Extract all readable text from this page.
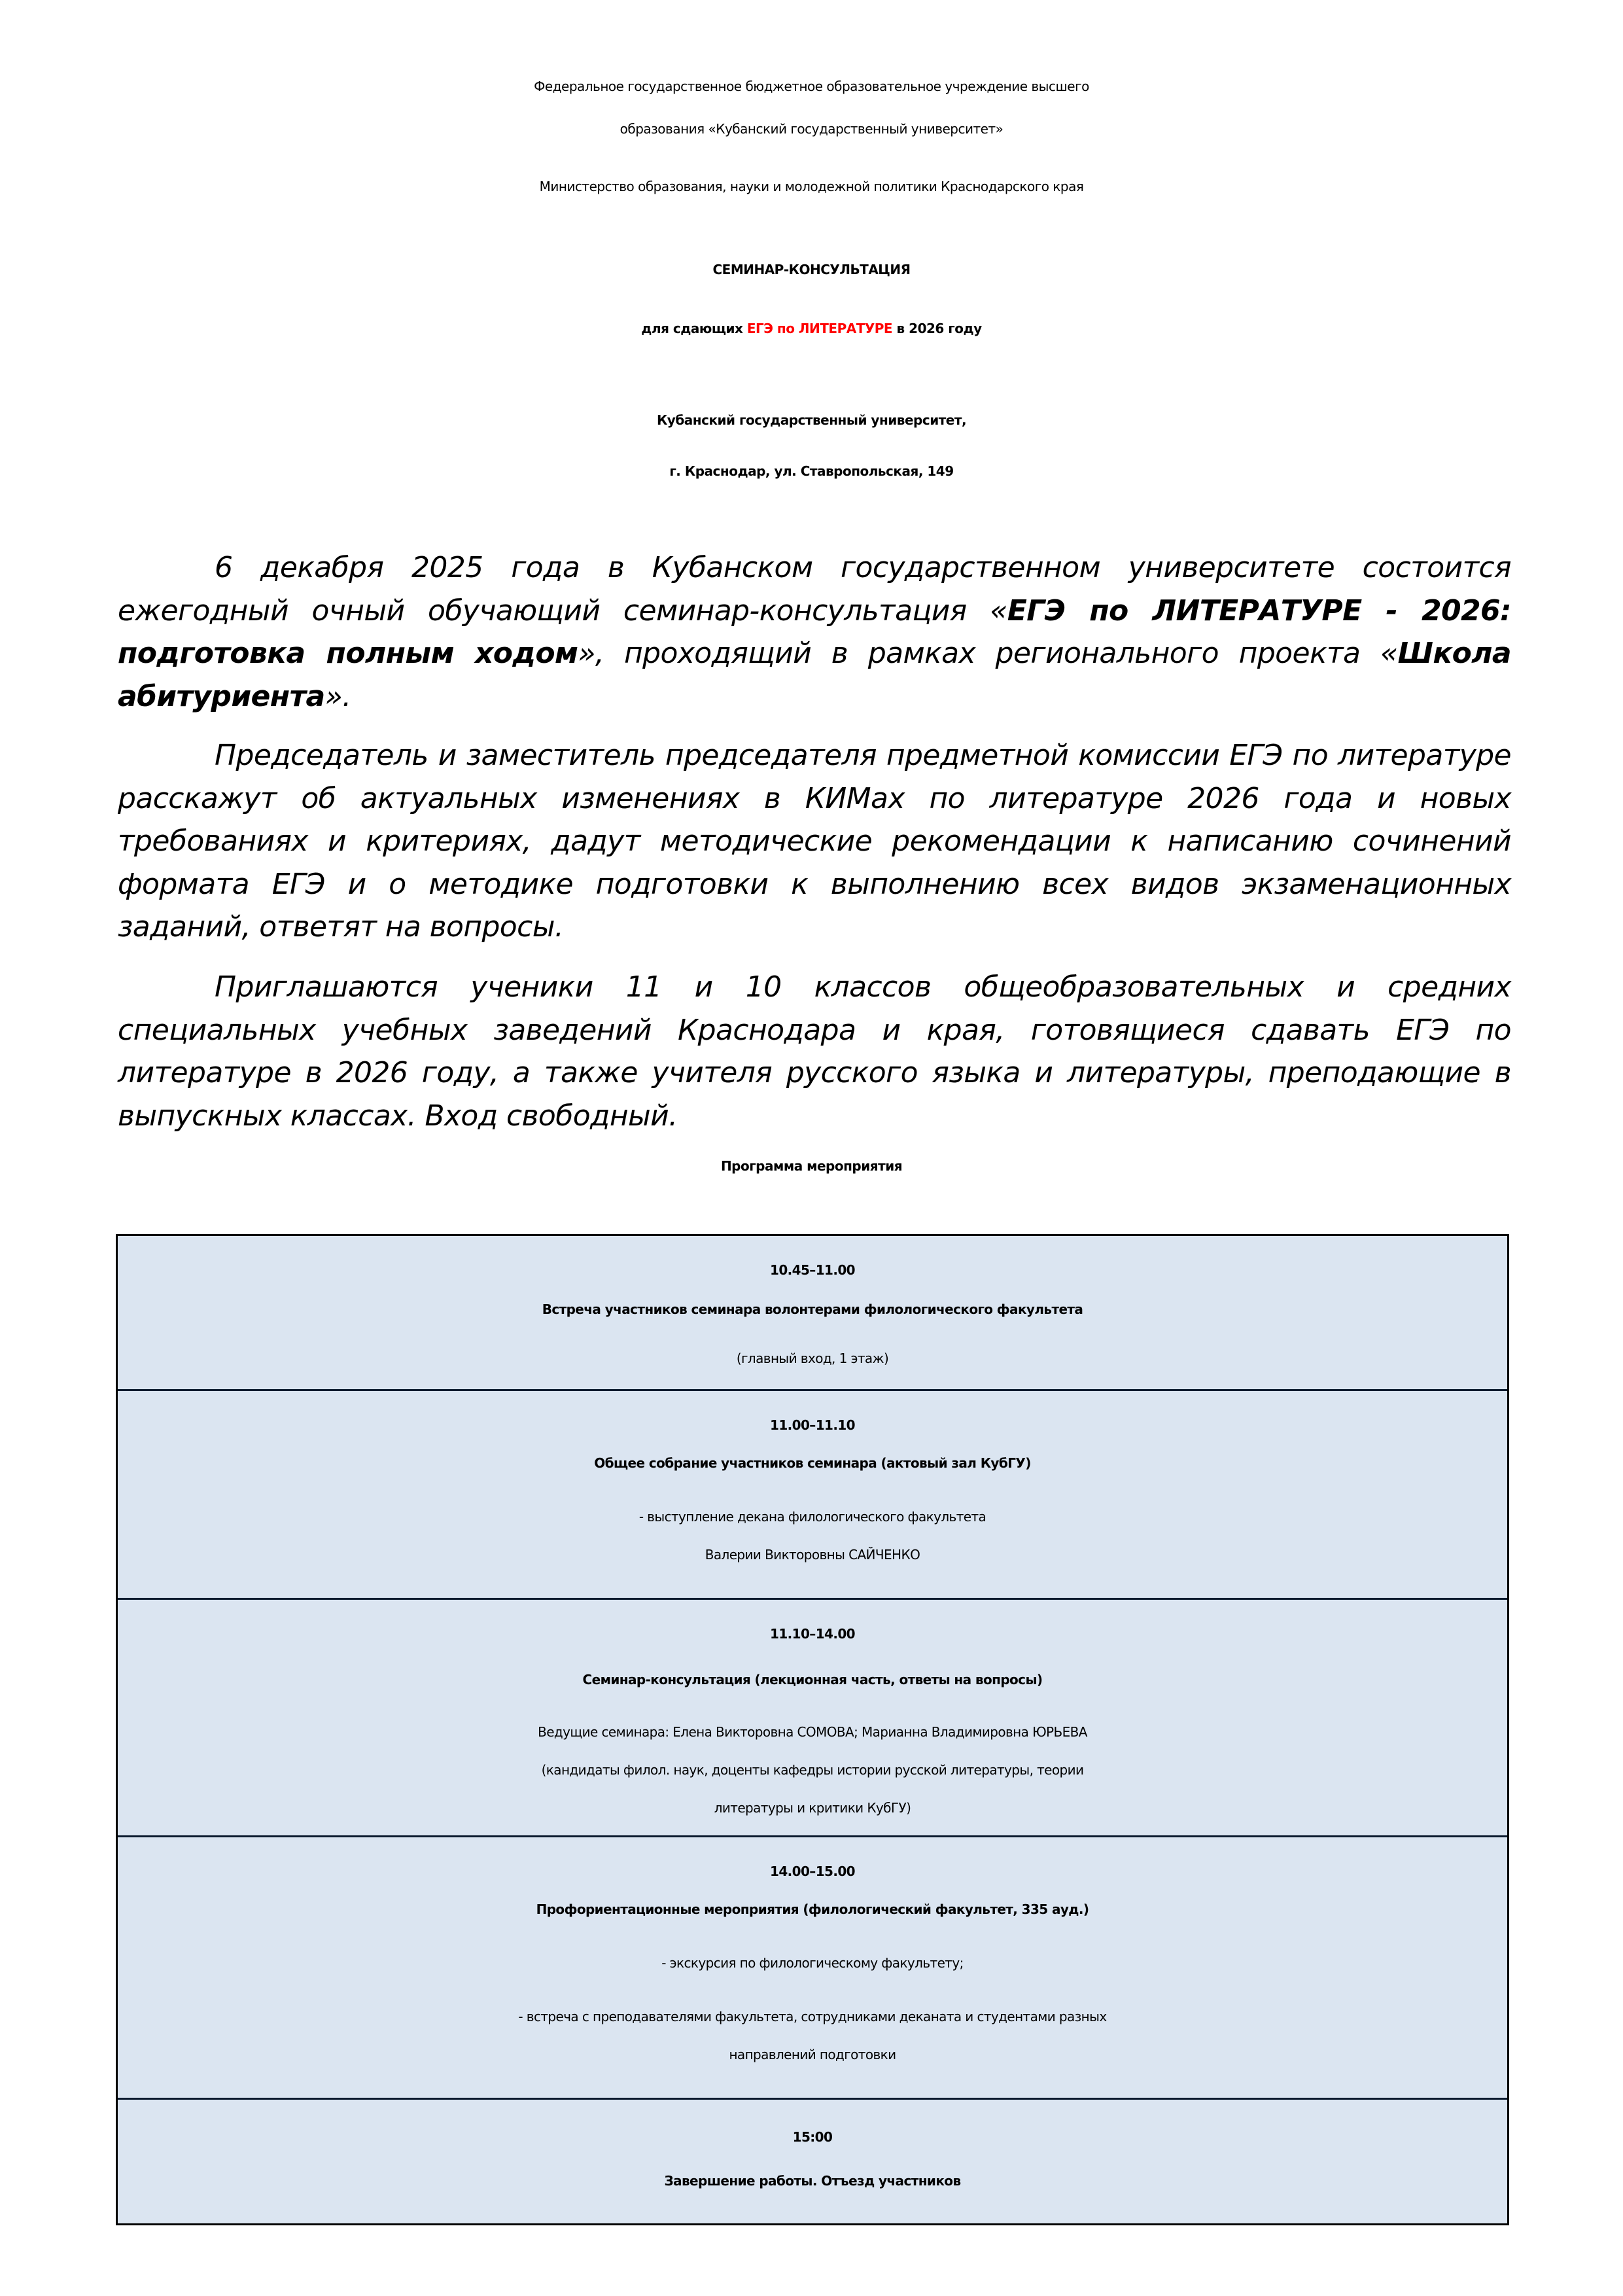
Федеральное государственное бюджетное образовательное учреждение высшего
образования «Кубанский государственный университет»
Министерство образования, науки и молодежной политики Краснодарского края
СЕМИНАР-КОНСУЛЬТАЦИЯ
для сдающих ЕГЭ по ЛИТЕРАТУРЕ в 2026 году
Кубанский государственный университет,
г. Краснодар, ул. Ставропольская, 149
6 декабря 2025 года в Кубанском государственном университете состоится ежегодный очный обучающий семинар-консультация «ЕГЭ по ЛИТЕРАТУРЕ - 2026: подготовка полным ходом», проходящий в рамках регионального проекта «Школа абитуриента».
Председатель и заместитель председателя предметной комиссии ЕГЭ по литературе расскажут об актуальных изменениях в КИМах по литературе 2026 года и новых требованиях и критериях, дадут методические рекомендации к написанию сочинений формата ЕГЭ и о методике подготовки к выполнению всех видов экзаменационных заданий, ответят на вопросы.
Приглашаются ученики 11 и 10 классов общеобразовательных и средних специальных учебных заведений Краснодара и края, готовящиеся сдавать ЕГЭ по литературе в 2026 году, а также учителя русского языка и литературы, преподающие в выпускных классах. Вход свободный.
Программа мероприятия
10.45–11.00
Встреча участников семинара волонтерами филологического факультета
(главный вход, 1 этаж)
11.00–11.10
Общее собрание участников семинара (актовый зал КубГУ)
- выступление декана филологического факультета
Валерии Викторовны САЙЧЕНКО
11.10–14.00
Семинар-консультация (лекционная часть, ответы на вопросы)
Ведущие семинара: Елена Викторовна СОМОВА; Марианна Владимировна ЮРЬЕВА
(кандидаты филол. наук, доценты кафедры истории русской литературы, теории
литературы и критики КубГУ)
14.00–15.00
Профориентационные мероприятия (филологический факультет, 335 ауд.)
- экскурсия по филологическому факультету;
- встреча с преподавателями факультета, сотрудниками деканата и студентами разных
направлений подготовки
15:00
Завершение работы. Отъезд участников
